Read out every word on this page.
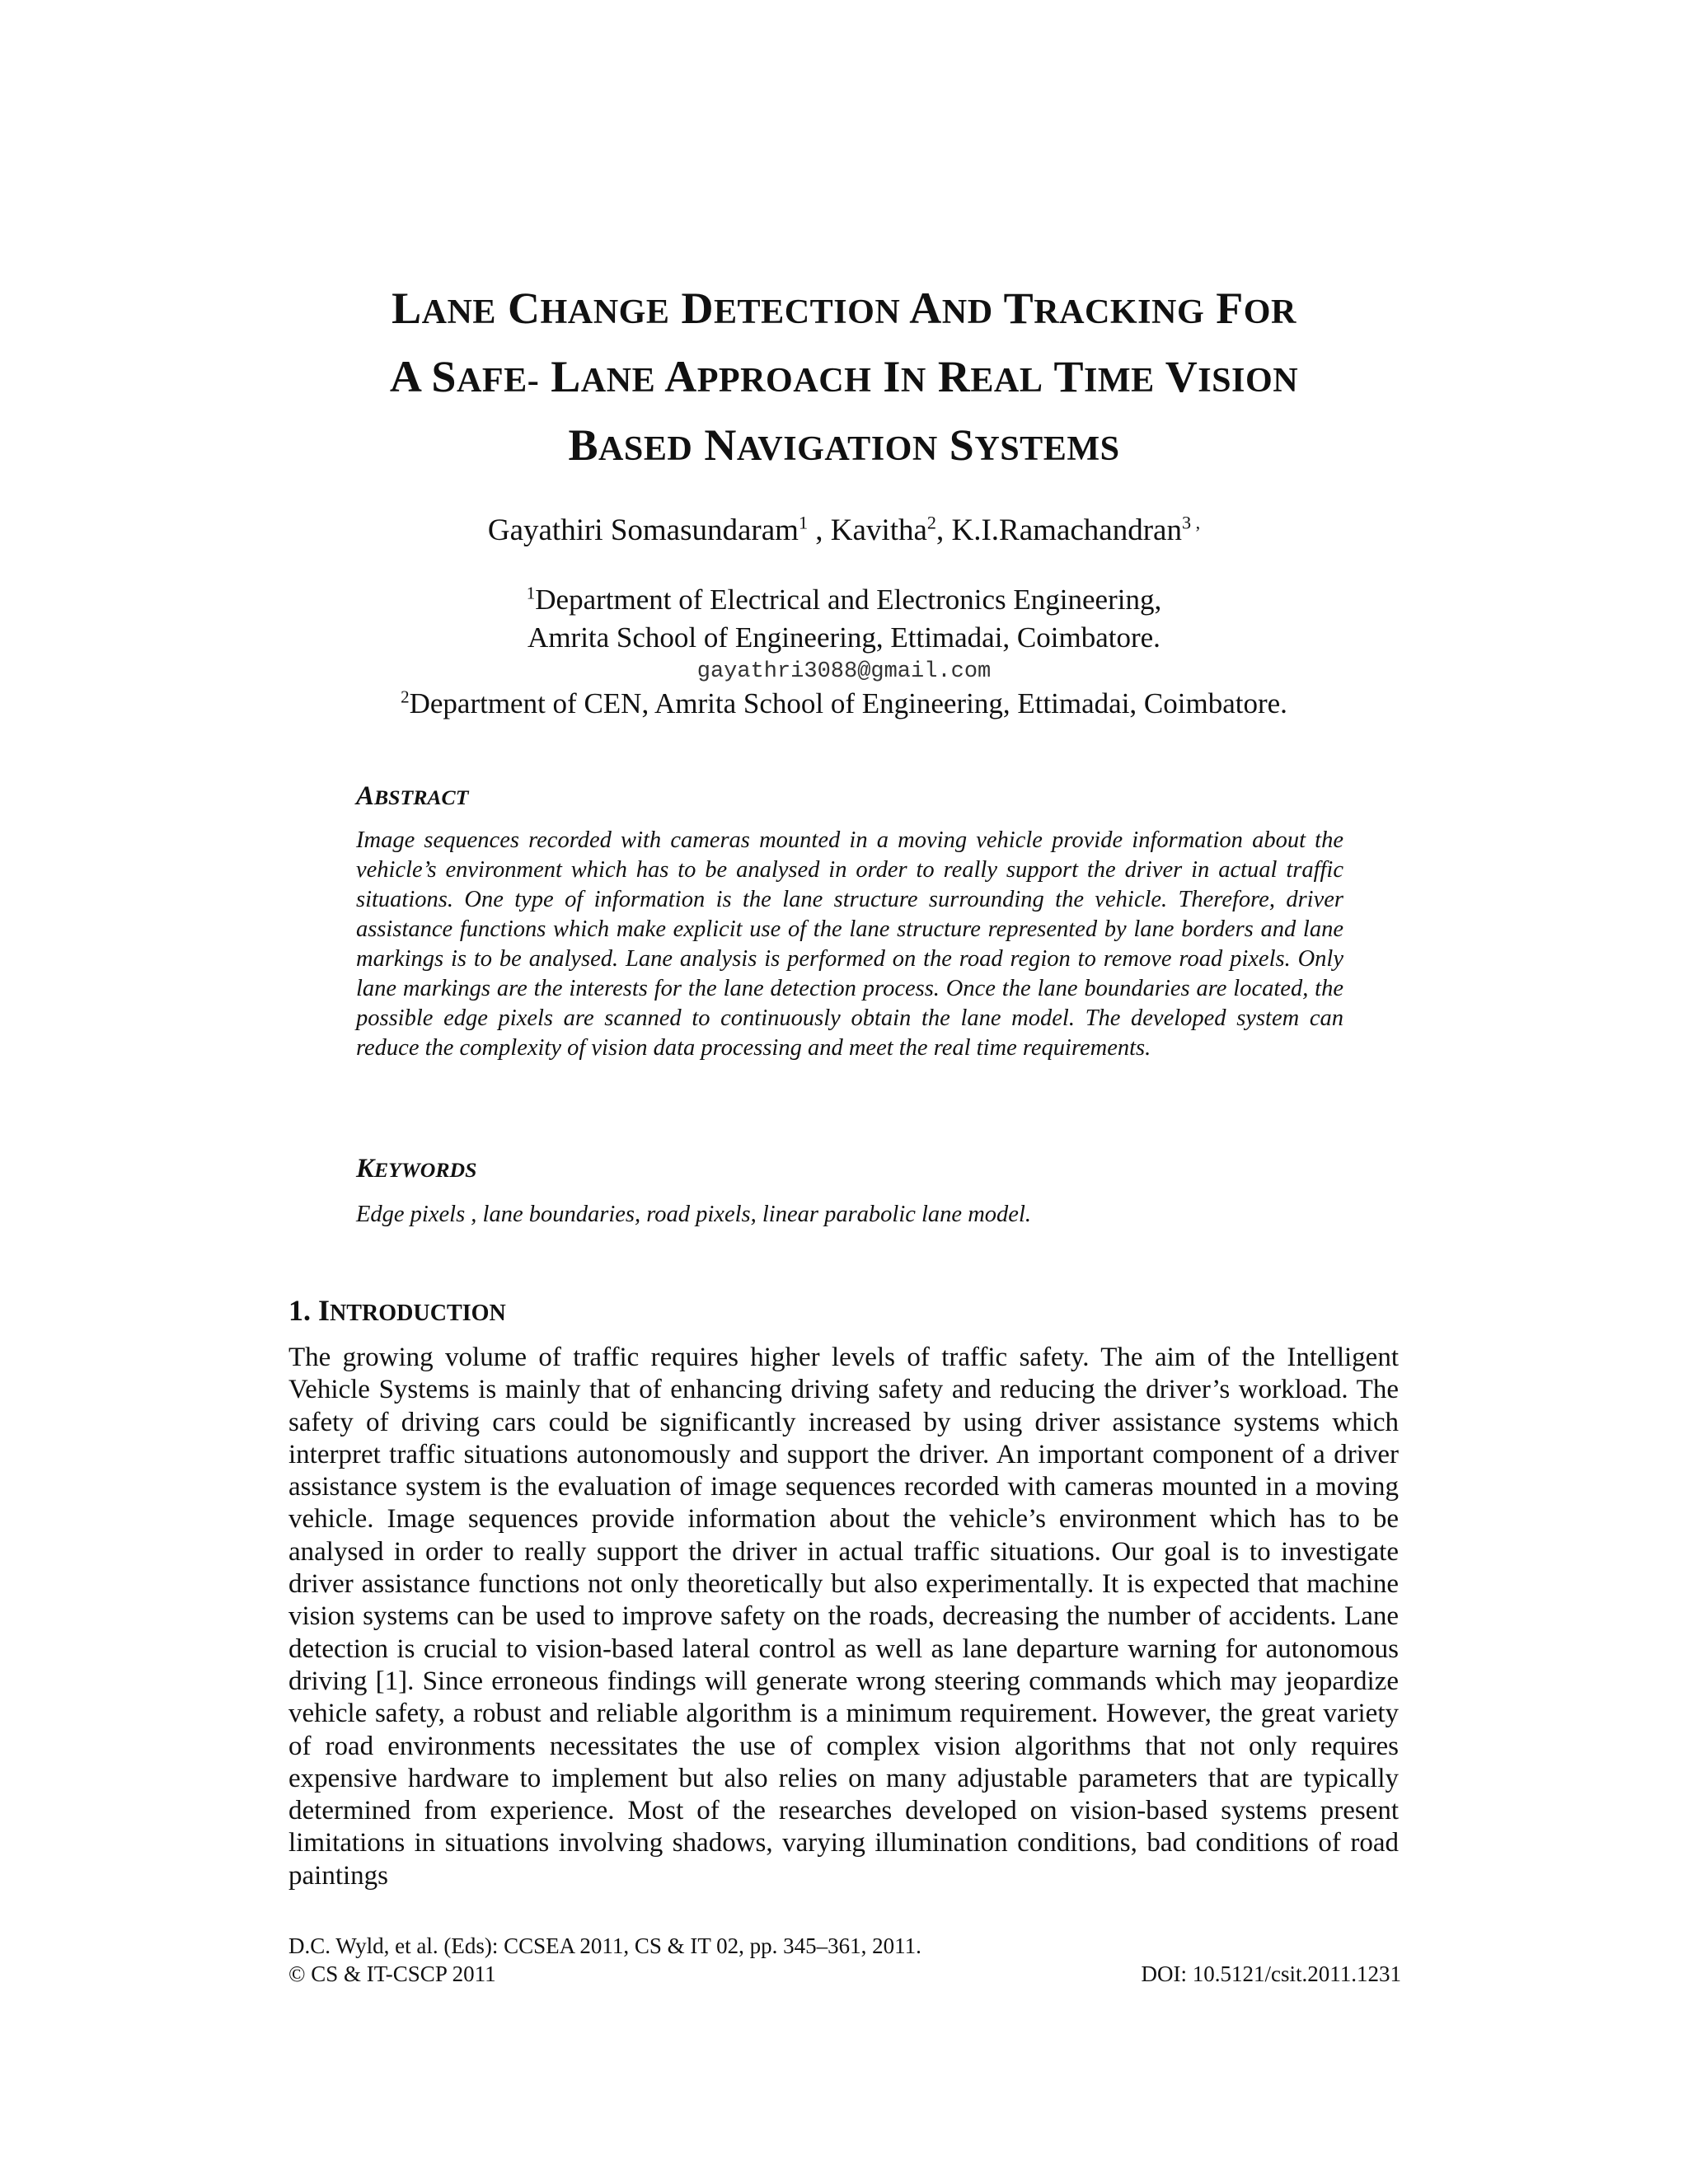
LANE CHANGE DETECTION AND TRACKING FOR
A SAFE- LANE APPROACH IN REAL TIME VISION
BASED NAVIGATION SYSTEMS
Gayathiri Somasundaram$^1$ , Kavitha$^2$, K.I.Ramachandran$^{3 ,}$
$^1$Department of Electrical and Electronics Engineering,
Amrita School of Engineering, Ettimadai, Coimbatore.
gayathri3088@gmail.com
$^2$Department of CEN, Amrita School of Engineering, Ettimadai, Coimbatore.
ABSTRACT

Image sequences recorded with cameras mounted in a moving vehicle provide information about the vehicle’s environment which has to be analysed in order to really support the driver in actual traffic situations. One type of information is the lane structure surrounding the vehicle. Therefore, driver assistance functions which make explicit use of the lane structure represented by lane borders and lane markings is to be analysed. Lane analysis is performed on the road region to remove road pixels. Only lane markings are the interests for the lane detection process. Once the lane boundaries are located, the possible edge pixels are scanned to continuously obtain the lane model. The developed system can reduce the complexity of vision data processing and meet the real time requirements.

KEYWORDS

Edge pixels , lane boundaries, road pixels, linear parabolic lane model.

1. INTRODUCTION

The growing volume of traffic requires higher levels of traffic safety. The aim of the Intelligent Vehicle Systems is mainly that of enhancing driving safety and reducing the driver’s workload. The safety of driving cars could be significantly increased by using driver assistance systems which interpret traffic situations autonomously and support the driver. An important component of a driver assistance system is the evaluation of image sequences recorded with cameras mounted in a moving vehicle. Image sequences provide information about the vehicle’s environment which has to be analysed in order to really support the driver in actual traffic situations. Our goal is to investigate driver assistance functions not only theoretically but also experimentally. It is expected that machine vision systems can be used to improve safety on the roads, decreasing the number of accidents. Lane detection is crucial to vision-based lateral control as well as lane departure warning for autonomous driving [1]. Since erroneous findings will generate wrong steering commands which may jeopardize vehicle safety, a robust and reliable algorithm is a minimum requirement. However, the great variety of road environments necessitates the use of complex vision algorithms that not only requires expensive hardware to implement but also relies on many adjustable parameters that are typically determined from experience. Most of the researches developed on vision-based systems present limitations in situations involving shadows, varying illumination conditions, bad conditions of road paintings

D.C. Wyld, et al. (Eds): CCSEA 2011, CS & IT 02, pp. 345–361, 2011.
© CS & IT-CSCP 2011	DOI: 10.5121/csit.2011.1231
